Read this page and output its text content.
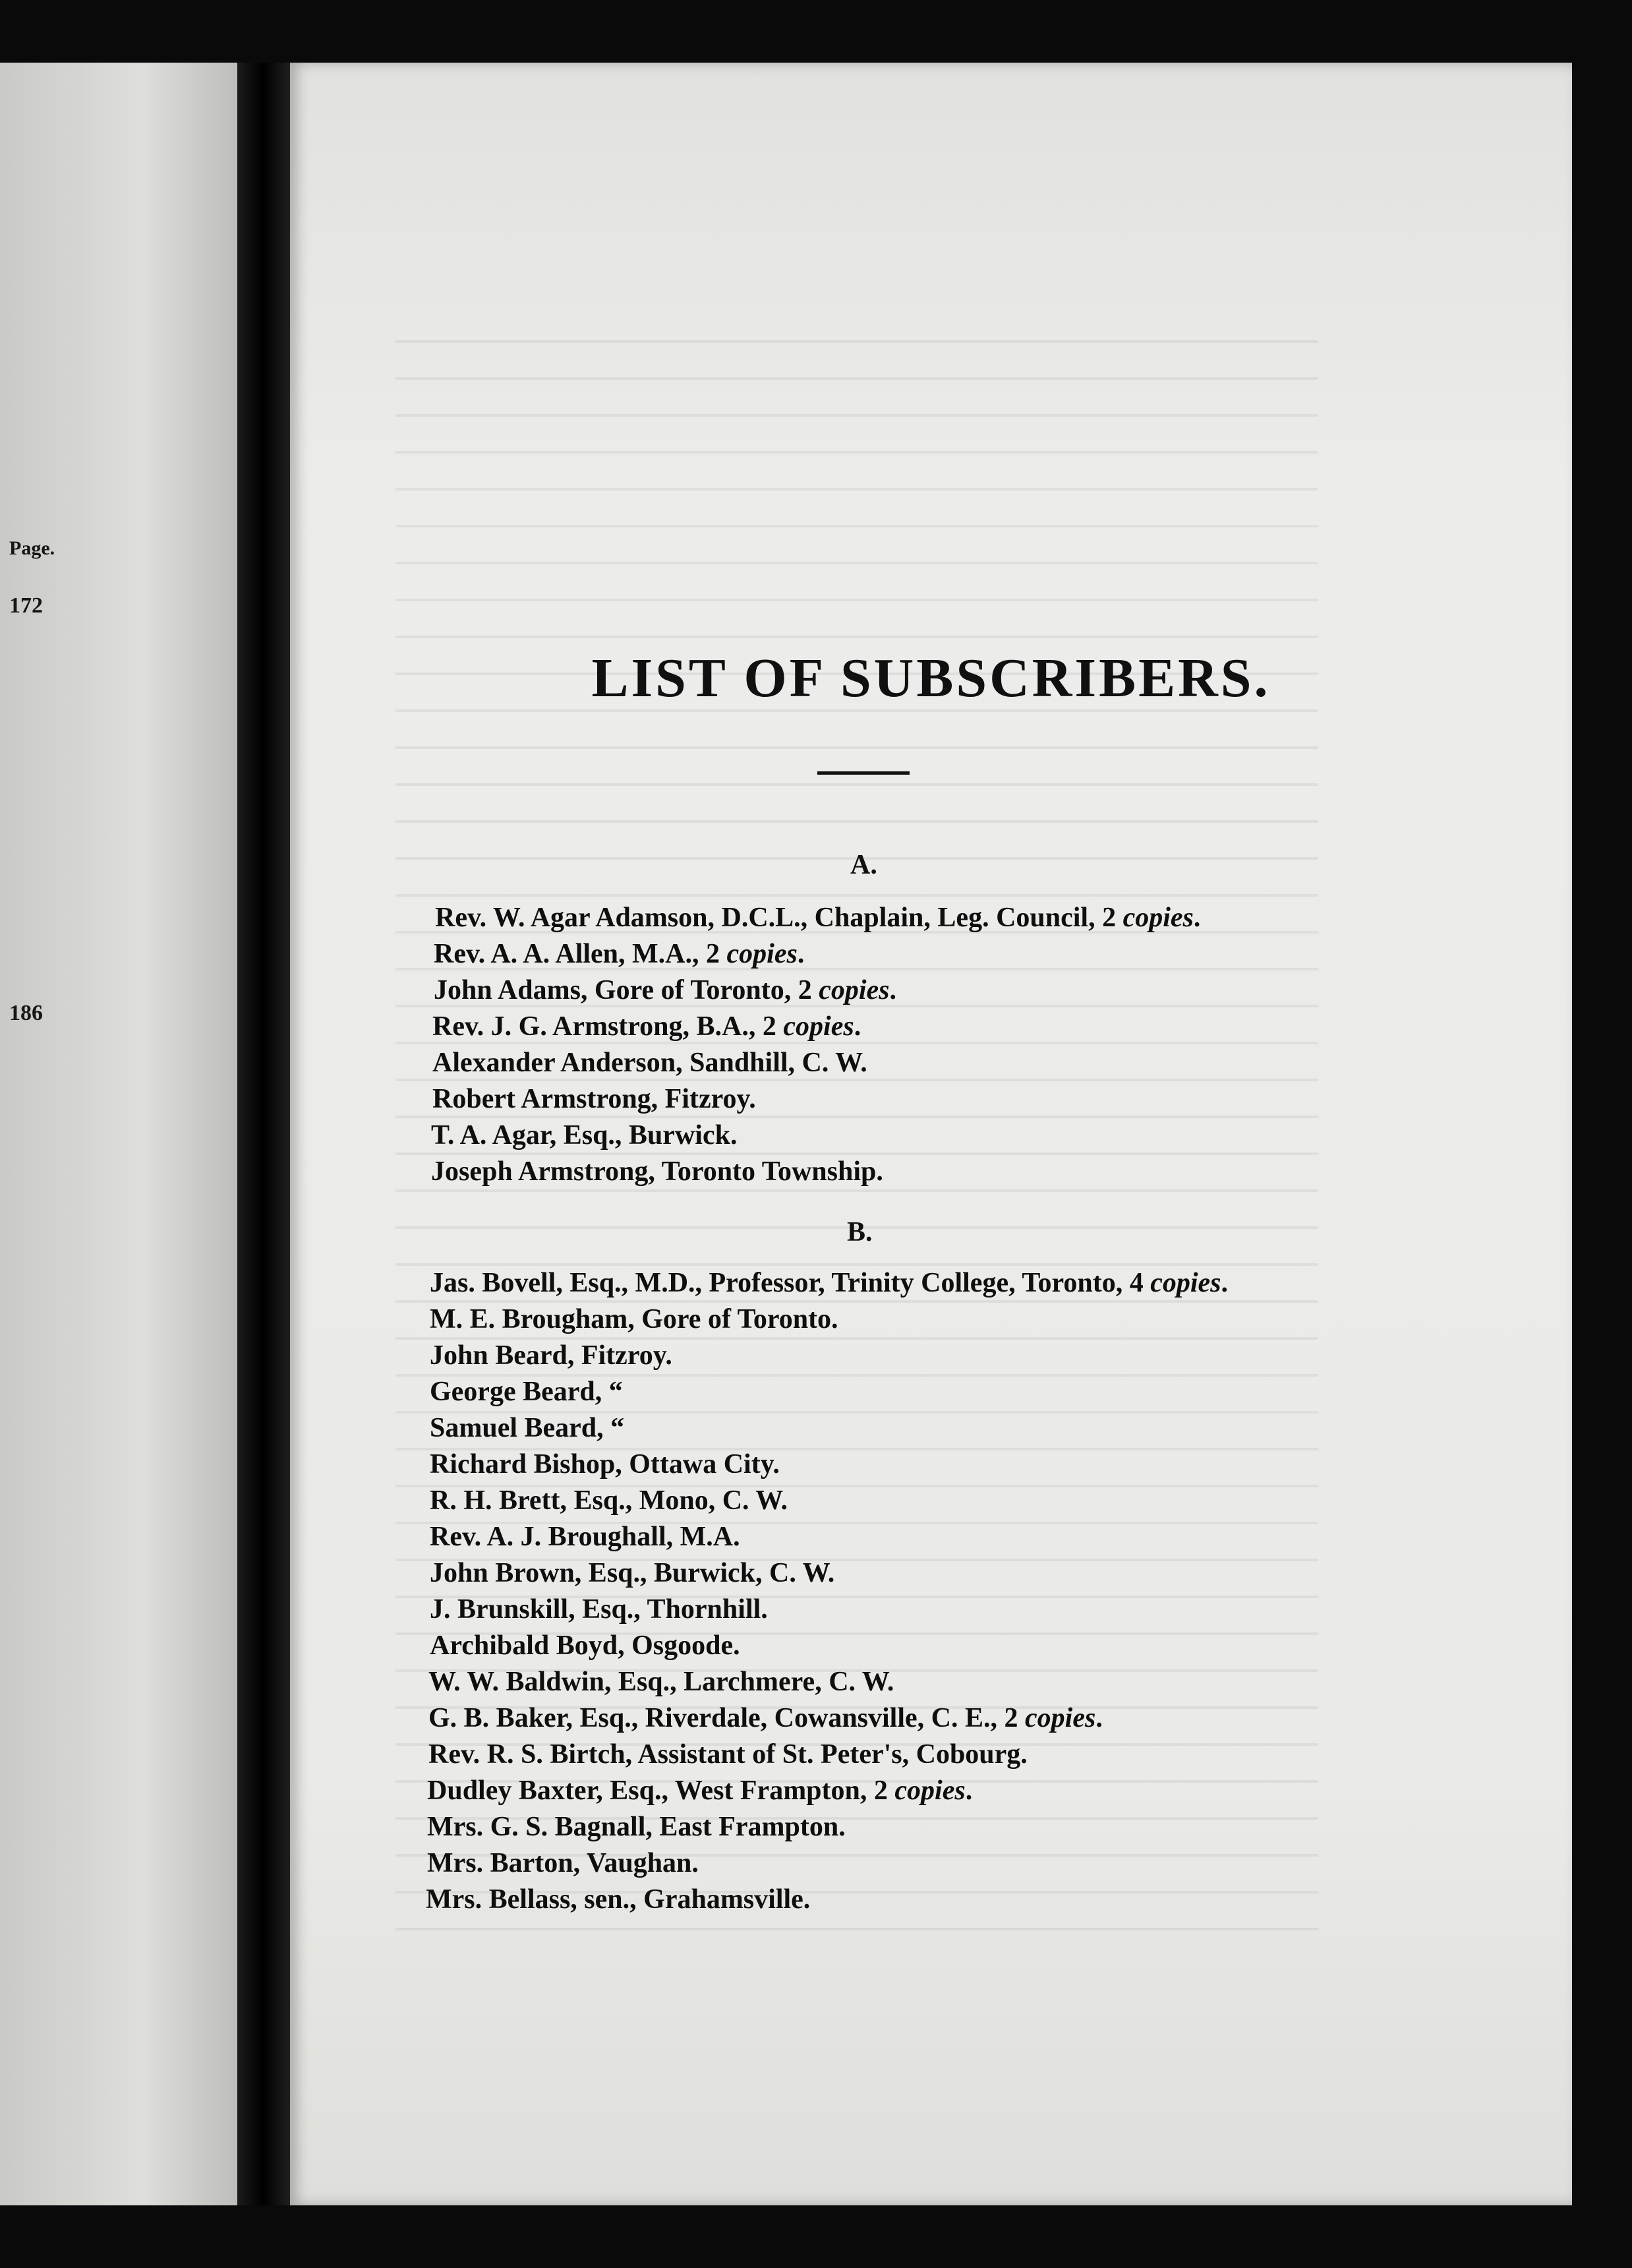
Page.
172
186
LIST OF SUBSCRIBERS.
A.
Rev. W. Agar Adamson, D.C.L., Chaplain, Leg. Council, 2 copies.
Rev. A. A. Allen, M.A., 2 copies.
John Adams, Gore of Toronto, 2 copies.
Rev. J. G. Armstrong, B.A., 2 copies.
Alexander Anderson, Sandhill, C. W.
Robert Armstrong, Fitzroy.
T. A. Agar, Esq., Burwick.
Joseph Armstrong, Toronto Township.
B.
Jas. Bovell, Esq., M.D., Professor, Trinity College, Toronto, 4 copies.
M. E. Brougham, Gore of Toronto.
John Beard, Fitzroy.
George Beard, “
Samuel Beard, “
Richard Bishop, Ottawa City.
R. H. Brett, Esq., Mono, C. W.
Rev. A. J. Broughall, M.A.
John Brown, Esq., Burwick, C. W.
J. Brunskill, Esq., Thornhill.
Archibald Boyd, Osgoode.
W. W. Baldwin, Esq., Larchmere, C. W.
G. B. Baker, Esq., Riverdale, Cowansville, C. E., 2 copies.
Rev. R. S. Birtch, Assistant of St. Peter's, Cobourg.
Dudley Baxter, Esq., West Frampton, 2 copies.
Mrs. G. S. Bagnall, East Frampton.
Mrs. Barton, Vaughan.
Mrs. Bellass, sen., Grahamsville.
